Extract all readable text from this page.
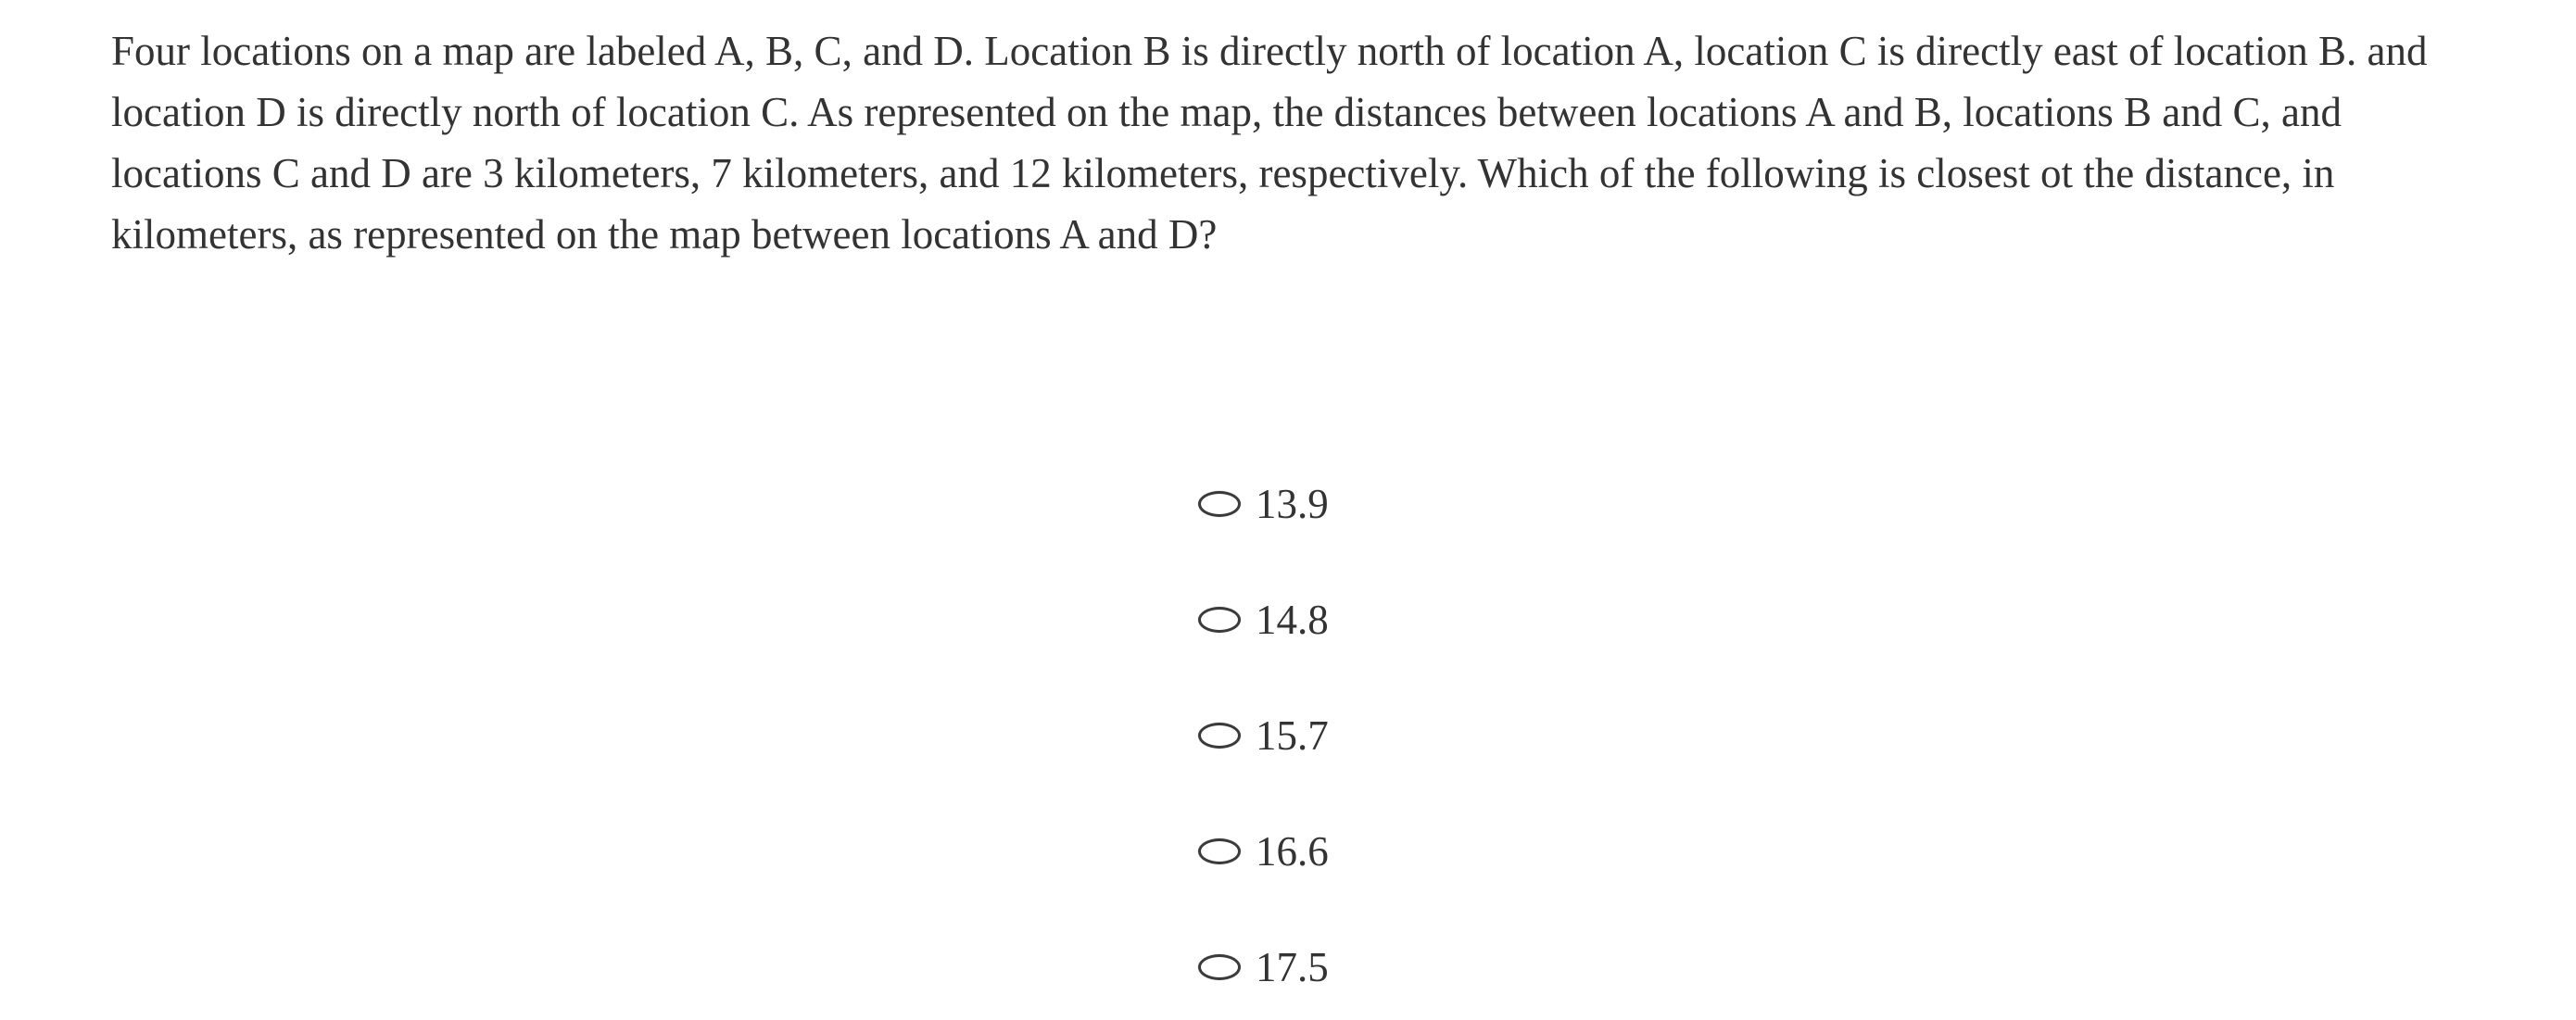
Four locations on a map are labeled A, B, C, and D. Location B is directly north of location A, location C is directly east of location B. and location D is directly north of location C. As represented on the map, the distances between locations A and B, locations B and C, and locations C and D are 3 kilometers, 7 kilometers, and 12 kilometers, respectively. Which of the following is closest ot the distance, in kilometers, as represented on the map between locations A and D?

13.9
14.8
15.7
16.6
17.5
